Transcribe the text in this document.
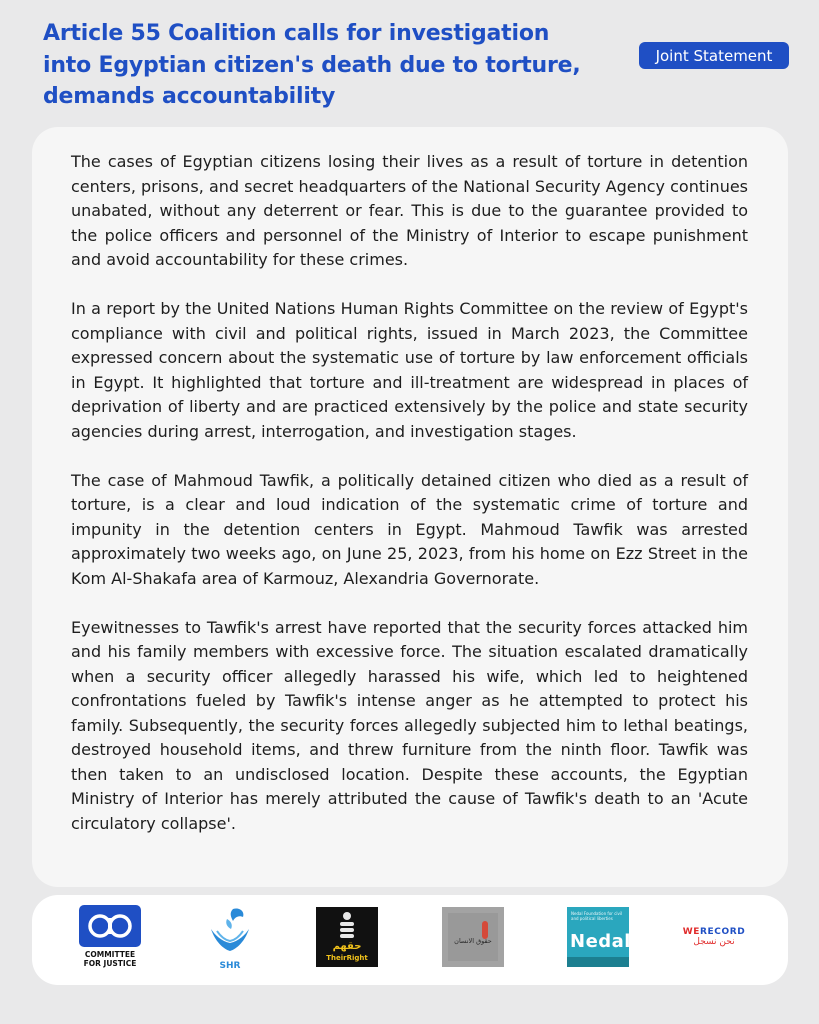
Article 55 Coalition calls for investigation into Egyptian citizen's death due to torture, demands accountability
Joint Statement

The cases of Egyptian citizens losing their lives as a result of torture in detention centers, prisons, and secret headquarters of the National Security Agency continues unabated, without any deterrent or fear. This is due to the guarantee provided to the police officers and personnel of the Ministry of Interior to escape punishment and avoid accountability for these crimes.

In a report by the United Nations Human Rights Committee on the review of Egypt's compliance with civil and political rights, issued in March 2023, the Committee expressed concern about the systematic use of torture by law enforcement officials in Egypt. It highlighted that torture and ill-treatment are widespread in places of deprivation of liberty and are practiced extensively by the police and state security agencies during arrest, interrogation, and investigation stages.

The case of Mahmoud Tawfik, a politically detained citizen who died as a result of torture, is a clear and loud indication of the systematic crime of torture and impunity in the detention centers in Egypt. Mahmoud Tawfik was arrested approximately two weeks ago, on June 25, 2023, from his home on Ezz Street in the Kom Al-Shakafa area of Karmouz, Alexandria Governorate.

Eyewitnesses to Tawfik's arrest have reported that the security forces attacked him and his family members with excessive force. The situation escalated dramatically when a security officer allegedly harassed his wife, which led to heightened confrontations fueled by Tawfik's intense anger as he attempted to protect his family. Subsequently, the security forces allegedly subjected him to lethal beatings, destroyed household items, and threw furniture from the ninth floor. Tawfik was then taken to an undisclosed location. Despite these accounts, the Egyptian Ministry of Interior has merely attributed the cause of Tawfik's death to an 'Acute circulatory collapse'.

COMMITTEE
FOR JUSTICE	SHR
حقهم
TheirRight
حقوق الانسان
Nedal Foundation for civil and political liberties
Nedal	WERECORD
نحن نسجل
